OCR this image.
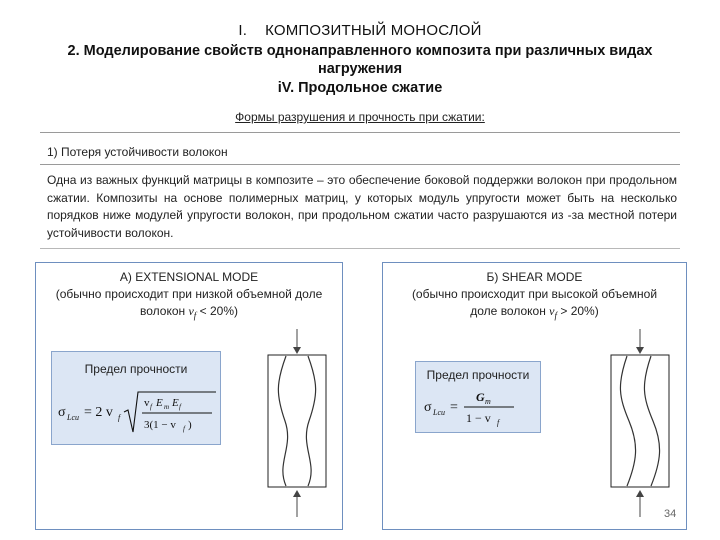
I. КОМПОЗИТНЫЙ МОНОСЛОЙ
2. Моделирование свойств однонаправленного композита при различных видах нагружения
iV. Продольное сжатие
Формы разрушения и прочность при сжатии:
1) Потеря устойчивости волокон
Одна из важных функций матрицы в композите – это обеспечение боковой поддержки волокон при продольном сжатии. Композиты на основе полимерных матриц, у которых модуль упругости может быть на несколько порядков ниже модулей упругости волокон, при продольном сжатии часто разрушаются из -за местной потери устойчивости волокон.
А) EXTENSIONAL MODE
(обычно происходит при низкой объемной доле
волокон $v_f < 20\%$)
Предел прочности
σ Lcu = 2 v f
v f E m E f
3(1 − v f )
Б) SHEAR MODE
(обычно происходит при высокой объемной
доле волокон $v_f > 20\%$)
Предел прочности
σ Lcu =
G m
1 − v f
34
